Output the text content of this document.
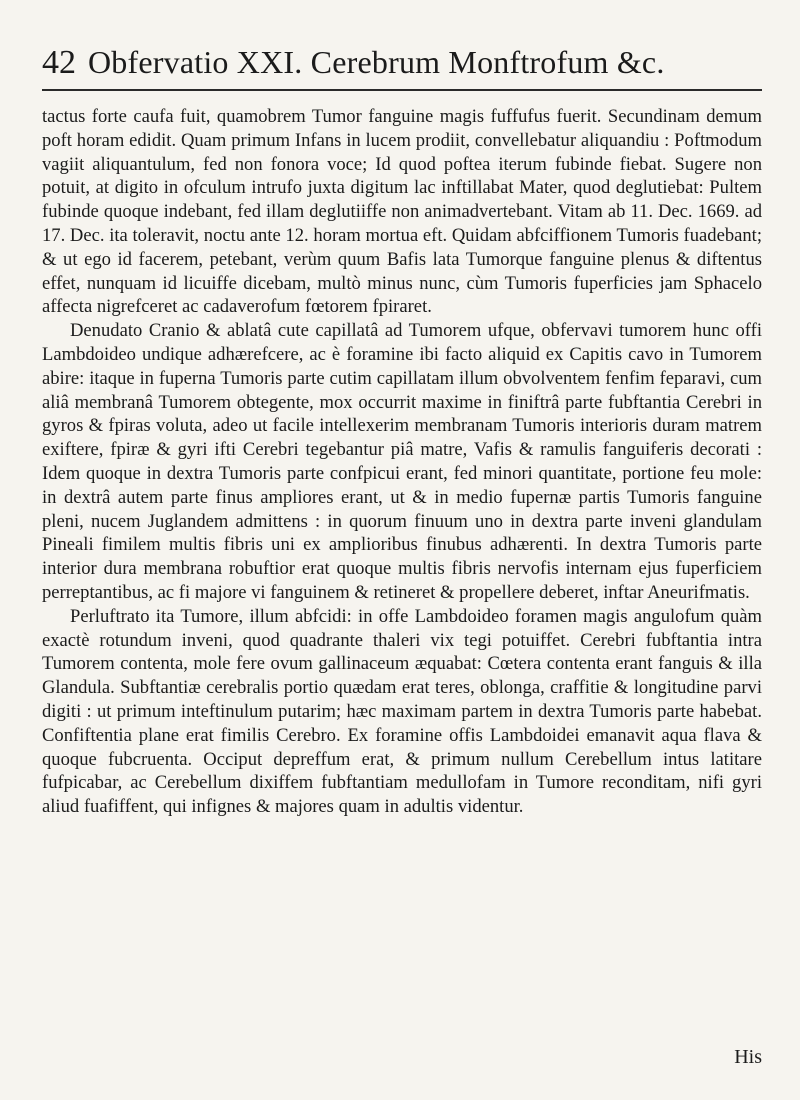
42 Obfervatio XXI. Cerebrum Monftrofum &c.

tactus forte caufa fuit, quamobrem Tumor fanguine magis fuffufus fuerit. Secundinam demum poft horam edidit. Quam primum Infans in lucem prodiit, convellebatur aliquandiu : Poftmodum vagiit aliquantulum, fed non fonora voce; Id quod poftea iterum fubinde fiebat. Sugere non potuit, at digito in ofculum intrufo juxta digitum lac inftillabat Mater, quod deglutiebat: Pultem fubinde quoque indebant, fed illam deglutiiffe non animadvertebant. Vitam ab 11. Dec. 1669. ad 17. Dec. ita toleravit, noctu ante 12. horam mortua eft. Quidam abfciffionem Tumoris fuadebant; & ut ego id facerem, petebant, verùm quum Bafis lata Tumorque fanguine plenus & diftentus effet, nunquam id licuiffe dicebam, multò minus nunc, cùm Tumoris fuperficies jam Sphacelo affecta nigrefceret ac cadaverofum fœtorem fpiraret.

Denudato Cranio & ablatâ cute capillatâ ad Tumorem ufque, obfervavi tumorem hunc offi Lambdoideo undique adhærefcere, ac è foramine ibi facto aliquid ex Capitis cavo in Tumorem abire: itaque in fuperna Tumoris parte cutim capillatam illum obvolventem fenfim feparavi, cum aliâ membranâ Tumorem obtegente, mox occurrit maxime in finiftrâ parte fubftantia Cerebri in gyros & fpiras voluta, adeo ut facile intellexerim membranam Tumoris interioris duram matrem exiftere, fpiræ & gyri ifti Cerebri tegebantur piâ matre, Vafis & ramulis fanguiferis decorati : Idem quoque in dextra Tumoris parte confpicui erant, fed minori quantitate, portione feu mole: in dextrâ autem parte finus ampliores erant, ut & in medio fupernæ partis Tumoris fanguine pleni, nucem Juglandem admittens : in quorum finuum uno in dextra parte inveni glandulam Pineali fimilem multis fibris uni ex amplioribus finubus adhærenti. In dextra Tumoris parte interior dura membrana robuftior erat quoque multis fibris nervofis internam ejus fuperficiem perreptantibus, ac fi majore vi fanguinem & retineret & propellere deberet, inftar Aneurifmatis.

Perluftrato ita Tumore, illum abfcidi: in offe Lambdoideo foramen magis angulofum quàm exactè rotundum inveni, quod quadrante thaleri vix tegi potuiffet. Cerebri fubftantia intra Tumorem contenta, mole fere ovum gallinaceum æquabat: Cœtera contenta erant fanguis & illa Glandula. Subftantiæ cerebralis portio quædam erat teres, oblonga, craffitie & longitudine parvi digiti : ut primum inteftinulum putarim; hæc maximam partem in dextra Tumoris parte habebat. Confiftentia plane erat fimilis Cerebro. Ex foramine offis Lambdoidei emanavit aqua flava & quoque fubcruenta. Occiput depreffum erat, & primum nullum Cerebellum intus latitare fufpicabar, ac Cerebellum dixiffem fubftantiam medullofam in Tumore reconditam, nifi gyri aliud fuafiffent, qui infignes & majores quam in adultis videntur.

His
